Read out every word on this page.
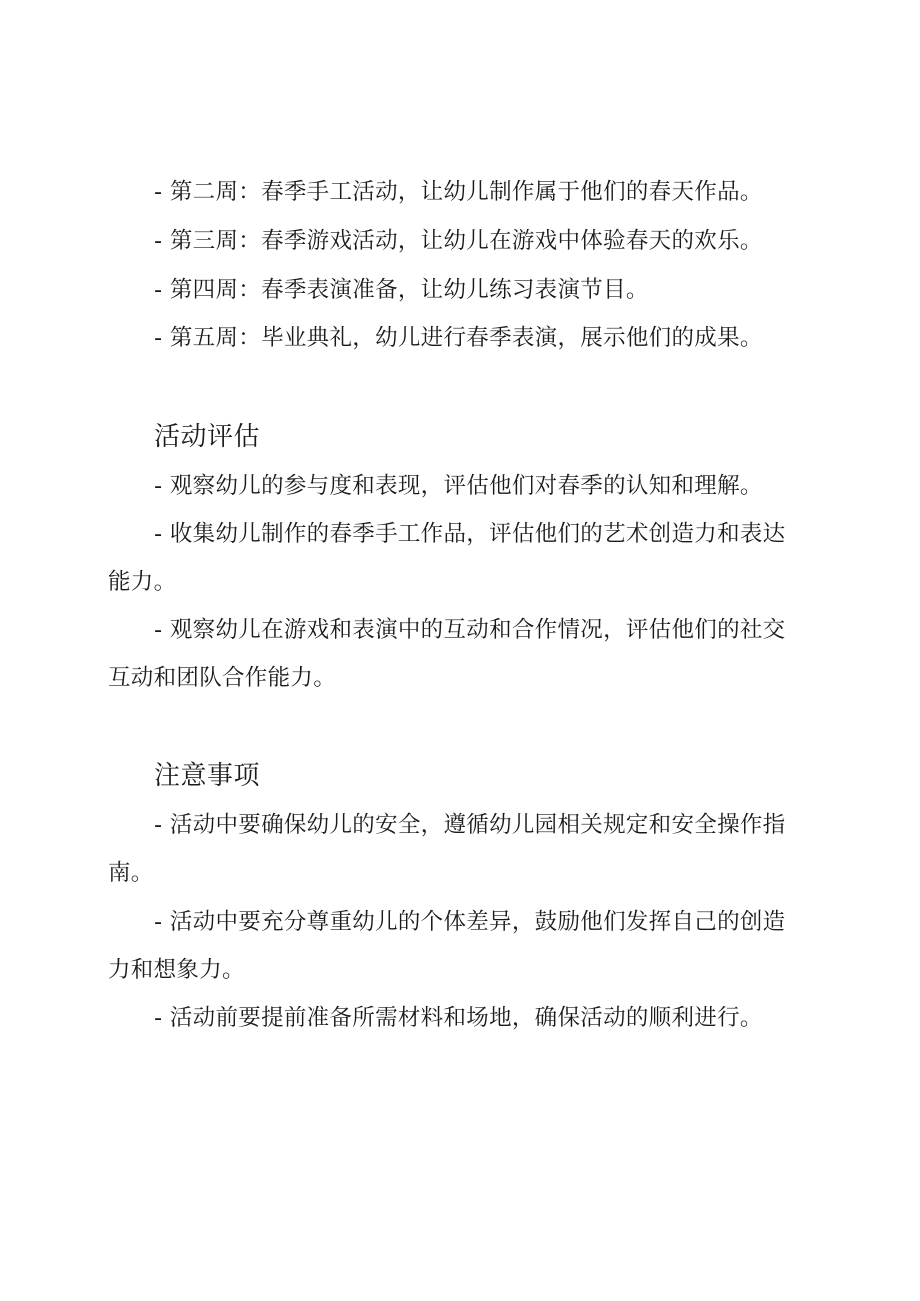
- 第二周：春季手工活动，让幼儿制作属于他们的春天作品。

- 第三周：春季游戏活动，让幼儿在游戏中体验春天的欢乐。

- 第四周：春季表演准备，让幼儿练习表演节目。

- 第五周：毕业典礼，幼儿进行春季表演，展示他们的成果。

活动评估

- 观察幼儿的参与度和表现，评估他们对春季的认知和理解。

- 收集幼儿制作的春季手工作品，评估他们的艺术创造力和表达能力。

- 观察幼儿在游戏和表演中的互动和合作情况，评估他们的社交互动和团队合作能力。

注意事项

- 活动中要确保幼儿的安全，遵循幼儿园相关规定和安全操作指南。

- 活动中要充分尊重幼儿的个体差异，鼓励他们发挥自己的创造力和想象力。

- 活动前要提前准备所需材料和场地，确保活动的顺利进行。
